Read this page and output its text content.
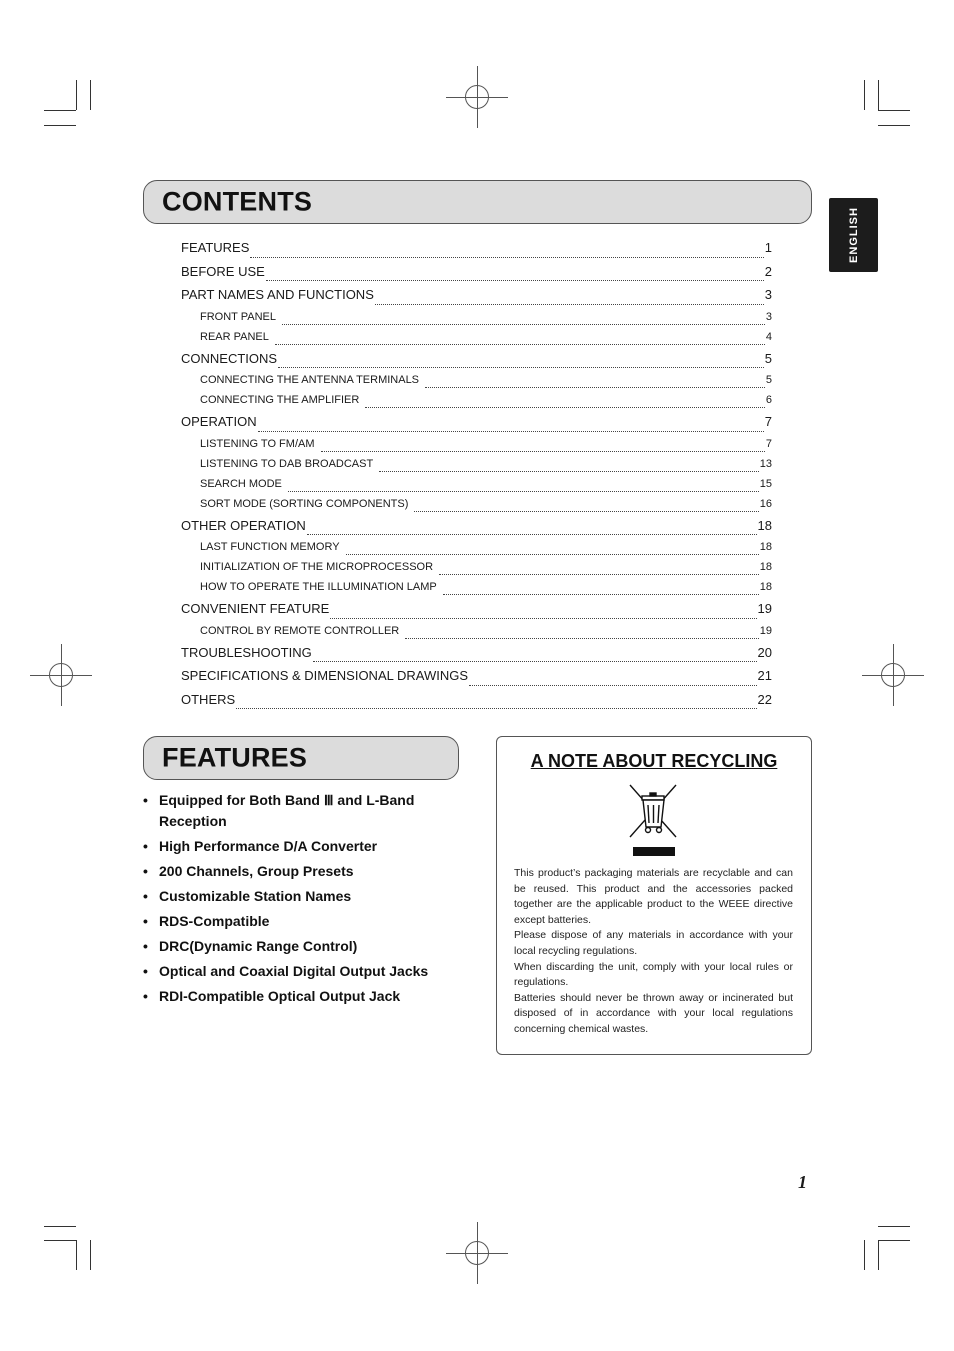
ENGLISH
CONTENTS
FEATURES	1
BEFORE USE	2
PART NAMES AND FUNCTIONS	3
FRONT PANEL	3
REAR PANEL	4
CONNECTIONS	5
CONNECTING THE ANTENNA TERMINALS	5
CONNECTING THE AMPLIFIER	6
OPERATION	7
LISTENING TO FM/AM	7
LISTENING TO DAB BROADCAST	13
SEARCH MODE	15
SORT MODE (SORTING COMPONENTS)	16
OTHER OPERATION	18
LAST FUNCTION MEMORY	18
INITIALIZATION OF THE MICROPROCESSOR	18
HOW TO OPERATE THE ILLUMINATION LAMP	18
CONVENIENT FEATURE	19
CONTROL BY REMOTE CONTROLLER	19
TROUBLESHOOTING	20
SPECIFICATIONS & DIMENSIONAL DRAWINGS	21
OTHERS	22
FEATURES
• Equipped for Both Band Ⅲ and L-Band Reception
• High Performance D/A Converter
• 200 Channels, Group Presets
• Customizable Station Names
• RDS-Compatible
• DRC(Dynamic Range Control)
• Optical and Coaxial Digital Output Jacks
• RDI-Compatible Optical Output Jack
A NOTE ABOUT RECYCLING

This product’s packaging materials are recyclable and can be reused. This product and the accessories packed together are the applicable product to the WEEE directive except batteries.

Please dispose of any materials in accordance with your local recycling regulations.

When discarding the unit, comply with your local rules or regulations.

Batteries should never be thrown away or incinerated but disposed of in accordance with your local regulations concerning chemical wastes.

1
